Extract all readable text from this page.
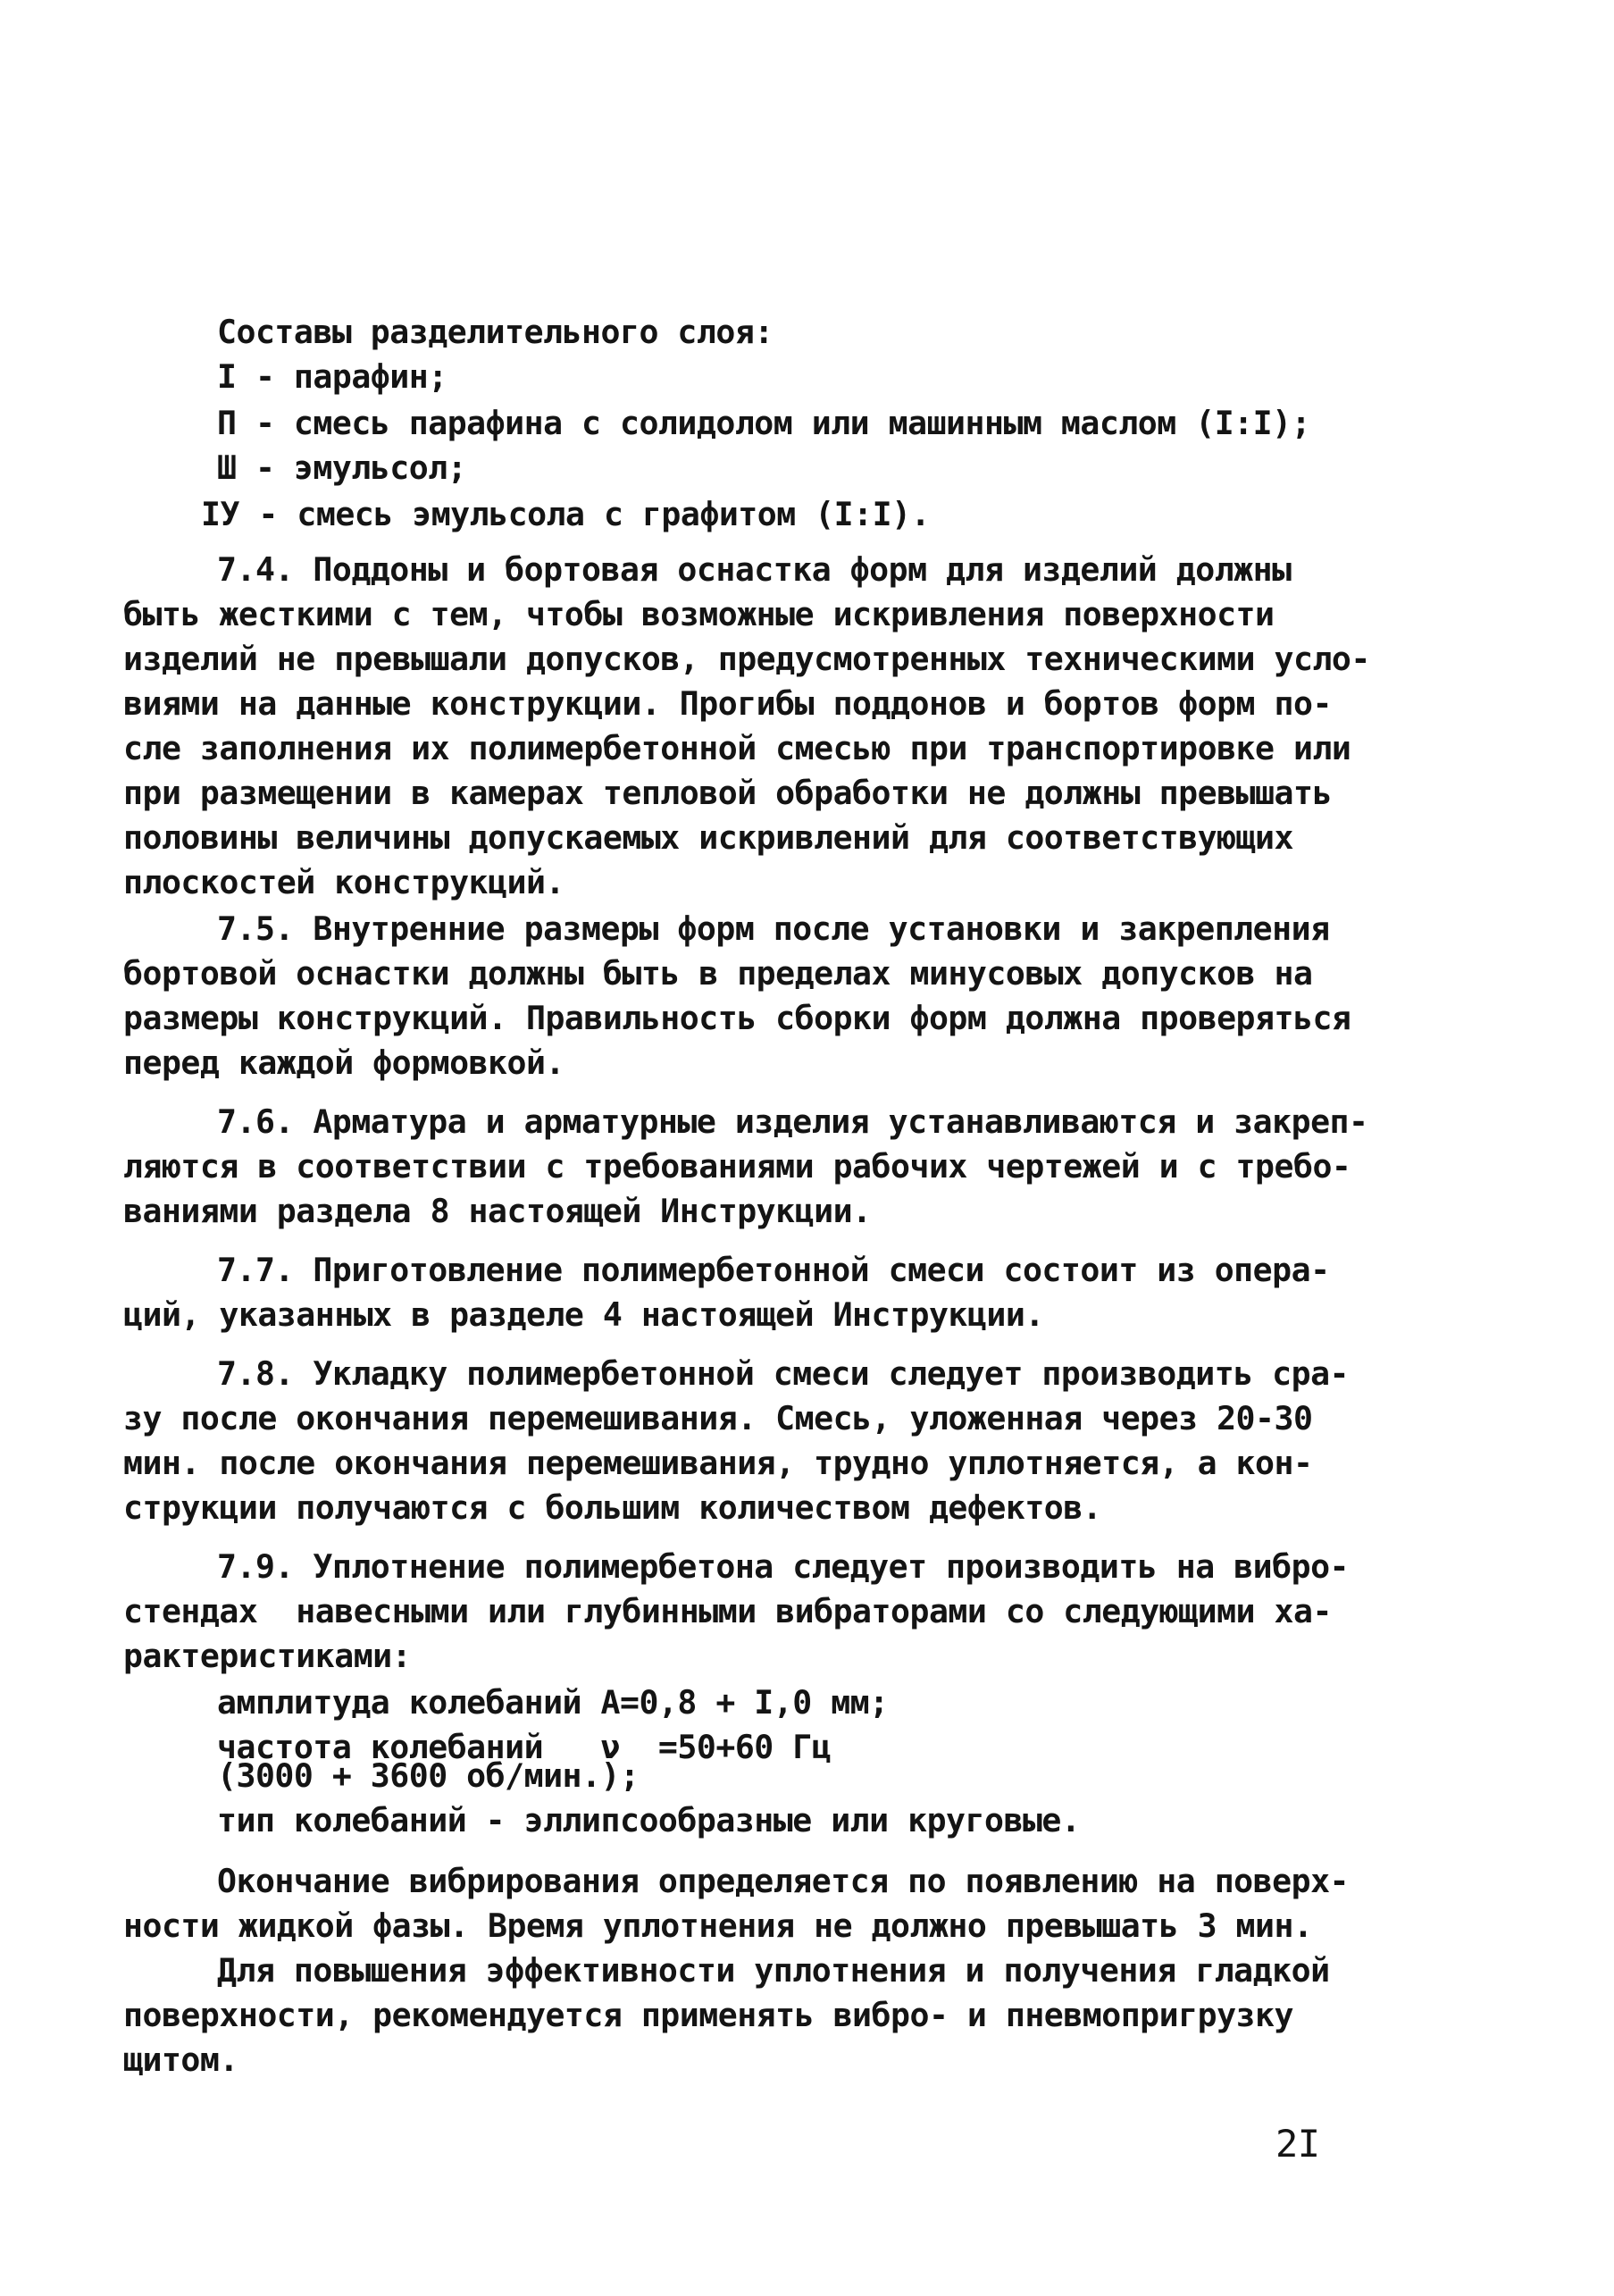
Составы разделительного слоя:
I - парафин;
П - смесь парафина с солидолом или машинным маслом (I:I);
Ш - эмульсол;
IУ - смесь эмульсола с графитом (I:I).
7.4. Поддоны и бортовая оснастка форм для изделий должны
быть жесткими с тем, чтобы возможные искривления поверхности
изделий не превышали допусков, предусмотренных техническими усло-
виями на данные конструкции. Прогибы поддонов и бортов форм по-
сле заполнения их полимербетонной смесью при транспортировке или
при размещении в камерах тепловой обработки не должны превышать
половины величины допускаемых искривлений для соответствующих
плоскостей конструкций.
7.5. Внутренние размеры форм после установки и закрепления
бортовой оснастки должны быть в пределах минусовых допусков на
размеры конструкций. Правильность сборки форм должна проверяться
перед каждой формовкой.
7.6. Арматура и арматурные изделия устанавливаются и закреп-
ляются в соответствии с требованиями рабочих чертежей и с требо-
ваниями раздела 8 настоящей Инструкции.
7.7. Приготовление полимербетонной смеси состоит из опера-
ций, указанных в разделе 4 настоящей Инструкции.
7.8. Укладку полимербетонной смеси следует производить сра-
зу после окончания перемешивания. Смесь, уложенная через 20-30
мин. после окончания перемешивания, трудно уплотняется, а кон-
струкции получаются с большим количеством дефектов.
7.9. Уплотнение полимербетона следует производить на вибро-
стендах  навесными или глубинными вибраторами со следующими ха-
рактеристиками:
амплитуда колебаний А=0,8 + I,0 мм;
частота колебаний   ν  =50+60 Гц
(3000 + 3600 об/мин.);
тип колебаний - эллипсообразные или круговые.
Окончание вибрирования определяется по появлению на поверх-
ности жидкой фазы. Время уплотнения не должно превышать 3 мин.
Для повышения эффективности уплотнения и получения гладкой
поверхности, рекомендуется применять вибро- и пневмопригрузку
щитом.
2I
